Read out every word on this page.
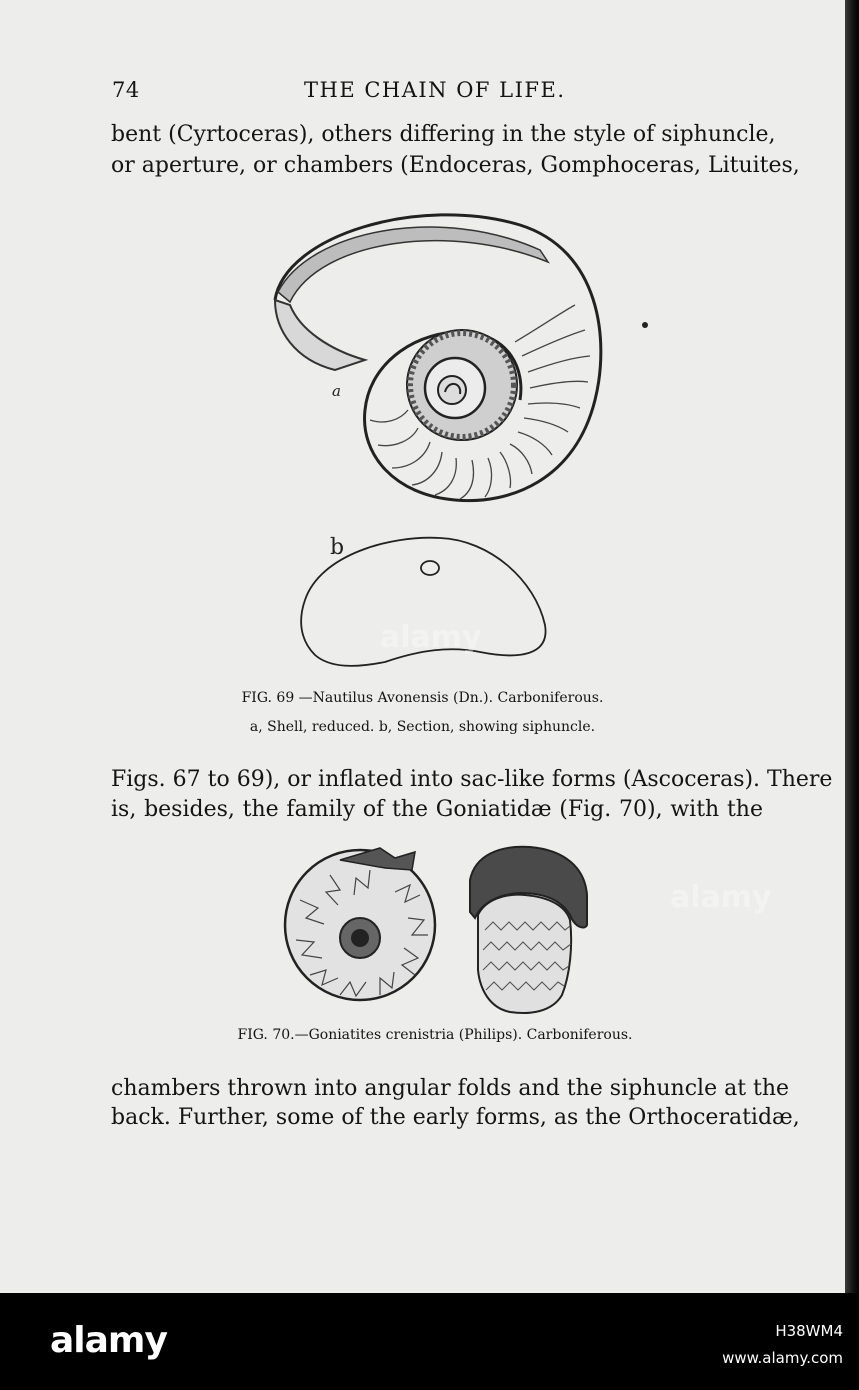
74	THE CHAIN OF LIFE.
bent (Cyrtoceras), others differing in the style of siphuncle,
or aperture, or chambers (Endoceras, Gomphoceras, Lituites,
a
b
FIG. 69 —Nautilus Avonensis (Dn.). Carboniferous.
a, Shell, reduced. b, Section, showing siphuncle.
Figs. 67 to 69), or inflated into sac-like forms (Ascoceras). There
is, besides, the family of the Goniatidæ (Fig. 70), with the
FIG. 70.—Goniatites crenistria (Philips). Carboniferous.
chambers thrown into angular folds and the siphuncle at the
back. Further, some of the early forms, as the Orthoceratidæ,
alamy
alamy
alamy	H38WM4
www.alamy.com
